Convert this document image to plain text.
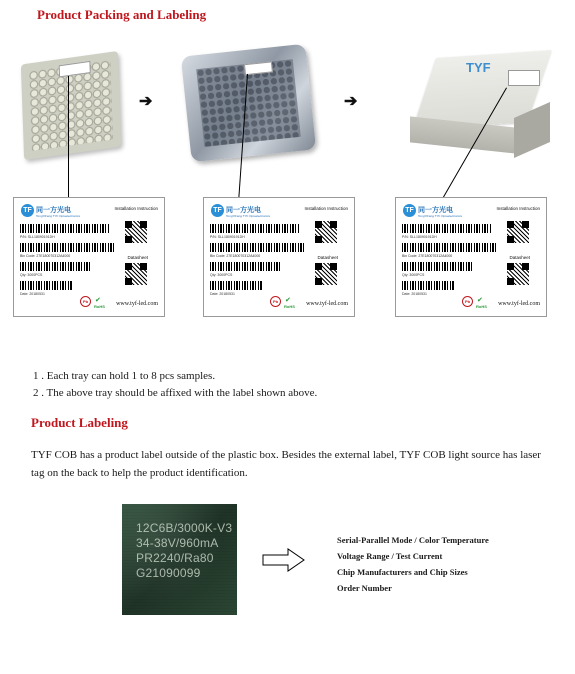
Product Packing and Labeling
➔	➔
TYF
TF 同一方光电
TongYiFang TYF Optoelectronics
Installation Instruction
P/N: SLL18090191DH
Bin Code: 27E180070312A4000
Qty: 3000PCS
Date: 20180531
Datasheet
Pb ✔
RoHS www.tyf-led.com
TF 同一方光电
TongYiFang TYF Optoelectronics
Installation Instruction
P/N: SLL18090191DH
Bin Code: 27E180070312A4000
Qty: 3000PCS
Date: 20180531
Datasheet
Pb ✔
RoHS www.tyf-led.com
TF 同一方光电
TongYiFang TYF Optoelectronics
Installation Instruction
P/N: SLL18090191DH
Bin Code: 27E180070312A4000
Qty: 3000PCS
Date: 20180531
Datasheet
Pb ✔
RoHS www.tyf-led.com
1 . Each tray can hold 1 to 8 pcs samples.
2 . The above tray should be affixed with the label shown above.
Product Labeling
TYF COB has a product label outside of the plastic box. Besides the external label, TYF COB light source has laser tag on the back to help the product identification.
12C6B/3000K-V3
34-38V/960mA
PR2240/Ra80
G21090099
Serial-Parallel Mode / Color Temperature
Voltage Range / Test Current
Chip Manufacturers and Chip Sizes
Order Number
